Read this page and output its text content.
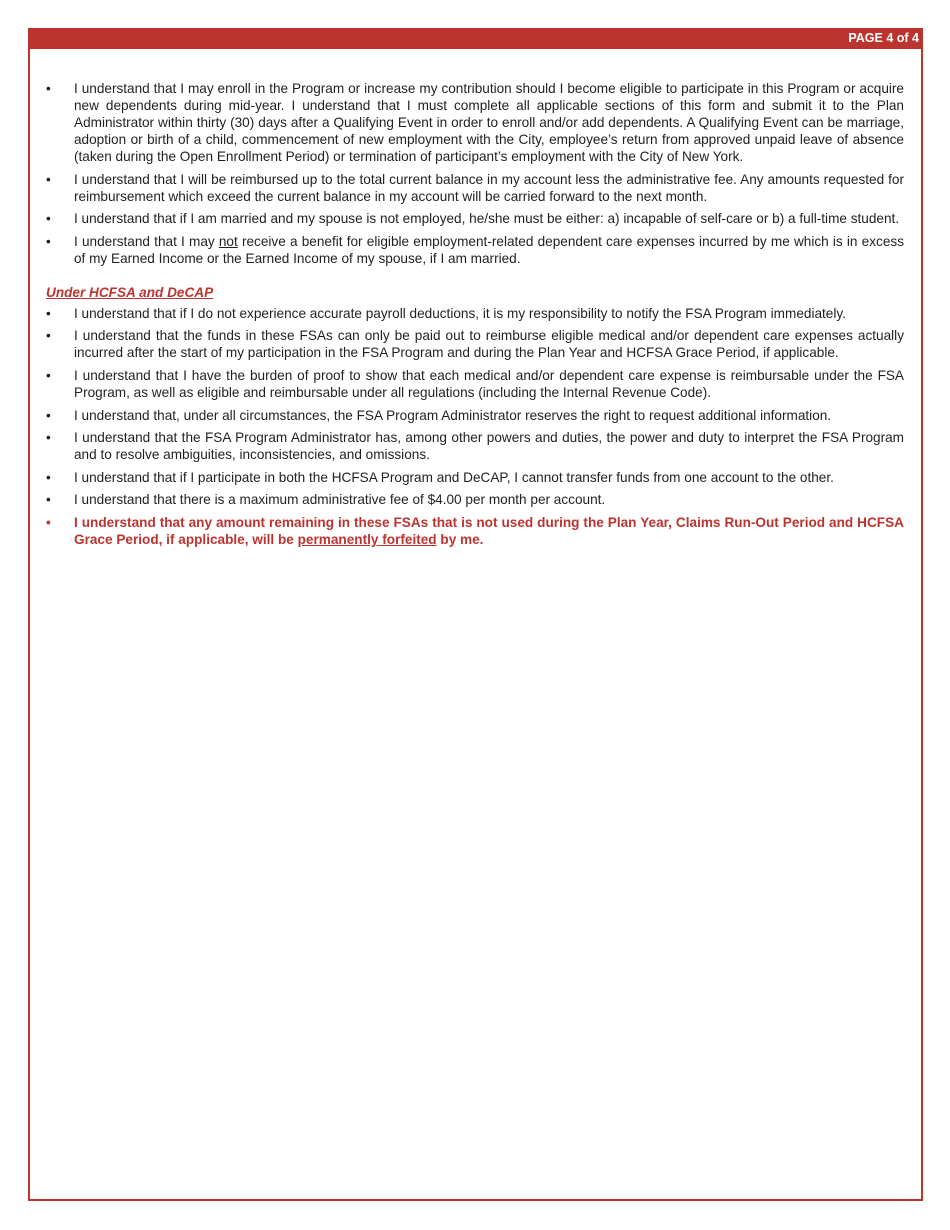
PAGE 4 of 4
• I understand that I may enroll in the Program or increase my contribution should I become eligible to participate in this Program or acquire new dependents during mid-year. I understand that I must complete all applicable sections of this form and submit it to the Plan Administrator within thirty (30) days after a Qualifying Event in order to enroll and/or add dependents. A Qualifying Event can be marriage, adoption or birth of a child, commencement of new employment with the City, employee’s return from approved unpaid leave of absence (taken during the Open Enrollment Period) or termination of participant’s employment with the City of New York.
• I understand that I will be reimbursed up to the total current balance in my account less the administrative fee. Any amounts requested for reimbursement which exceed the current balance in my account will be carried forward to the next month.
• I understand that if I am married and my spouse is not employed, he/she must be either: a) incapable of self-care or b) a full-time student.
• I understand that I may not receive a benefit for eligible employment-related dependent care expenses incurred by me which is in excess of my Earned Income or the Earned Income of my spouse, if I am married.
Under HCFSA and DeCAP
• I understand that if I do not experience accurate payroll deductions, it is my responsibility to notify the FSA Program immediately.
• I understand that the funds in these FSAs can only be paid out to reimburse eligible medical and/or dependent care expenses actually incurred after the start of my participation in the FSA Program and during the Plan Year and HCFSA Grace Period, if applicable.
• I understand that I have the burden of proof to show that each medical and/or dependent care expense is reimbursable under the FSA Program, as well as eligible and reimbursable under all regulations (including the Internal Revenue Code).
• I understand that, under all circumstances, the FSA Program Administrator reserves the right to request additional information.
• I understand that the FSA Program Administrator has, among other powers and duties, the power and duty to interpret the FSA Program and to resolve ambiguities, inconsistencies, and omissions.
• I understand that if I participate in both the HCFSA Program and DeCAP, I cannot transfer funds from one account to the other.
• I understand that there is a maximum administrative fee of $4.00 per month per account.
• I understand that any amount remaining in these FSAs that is not used during the Plan Year, Claims Run-Out Period and HCFSA Grace Period, if applicable, will be permanently forfeited by me.
